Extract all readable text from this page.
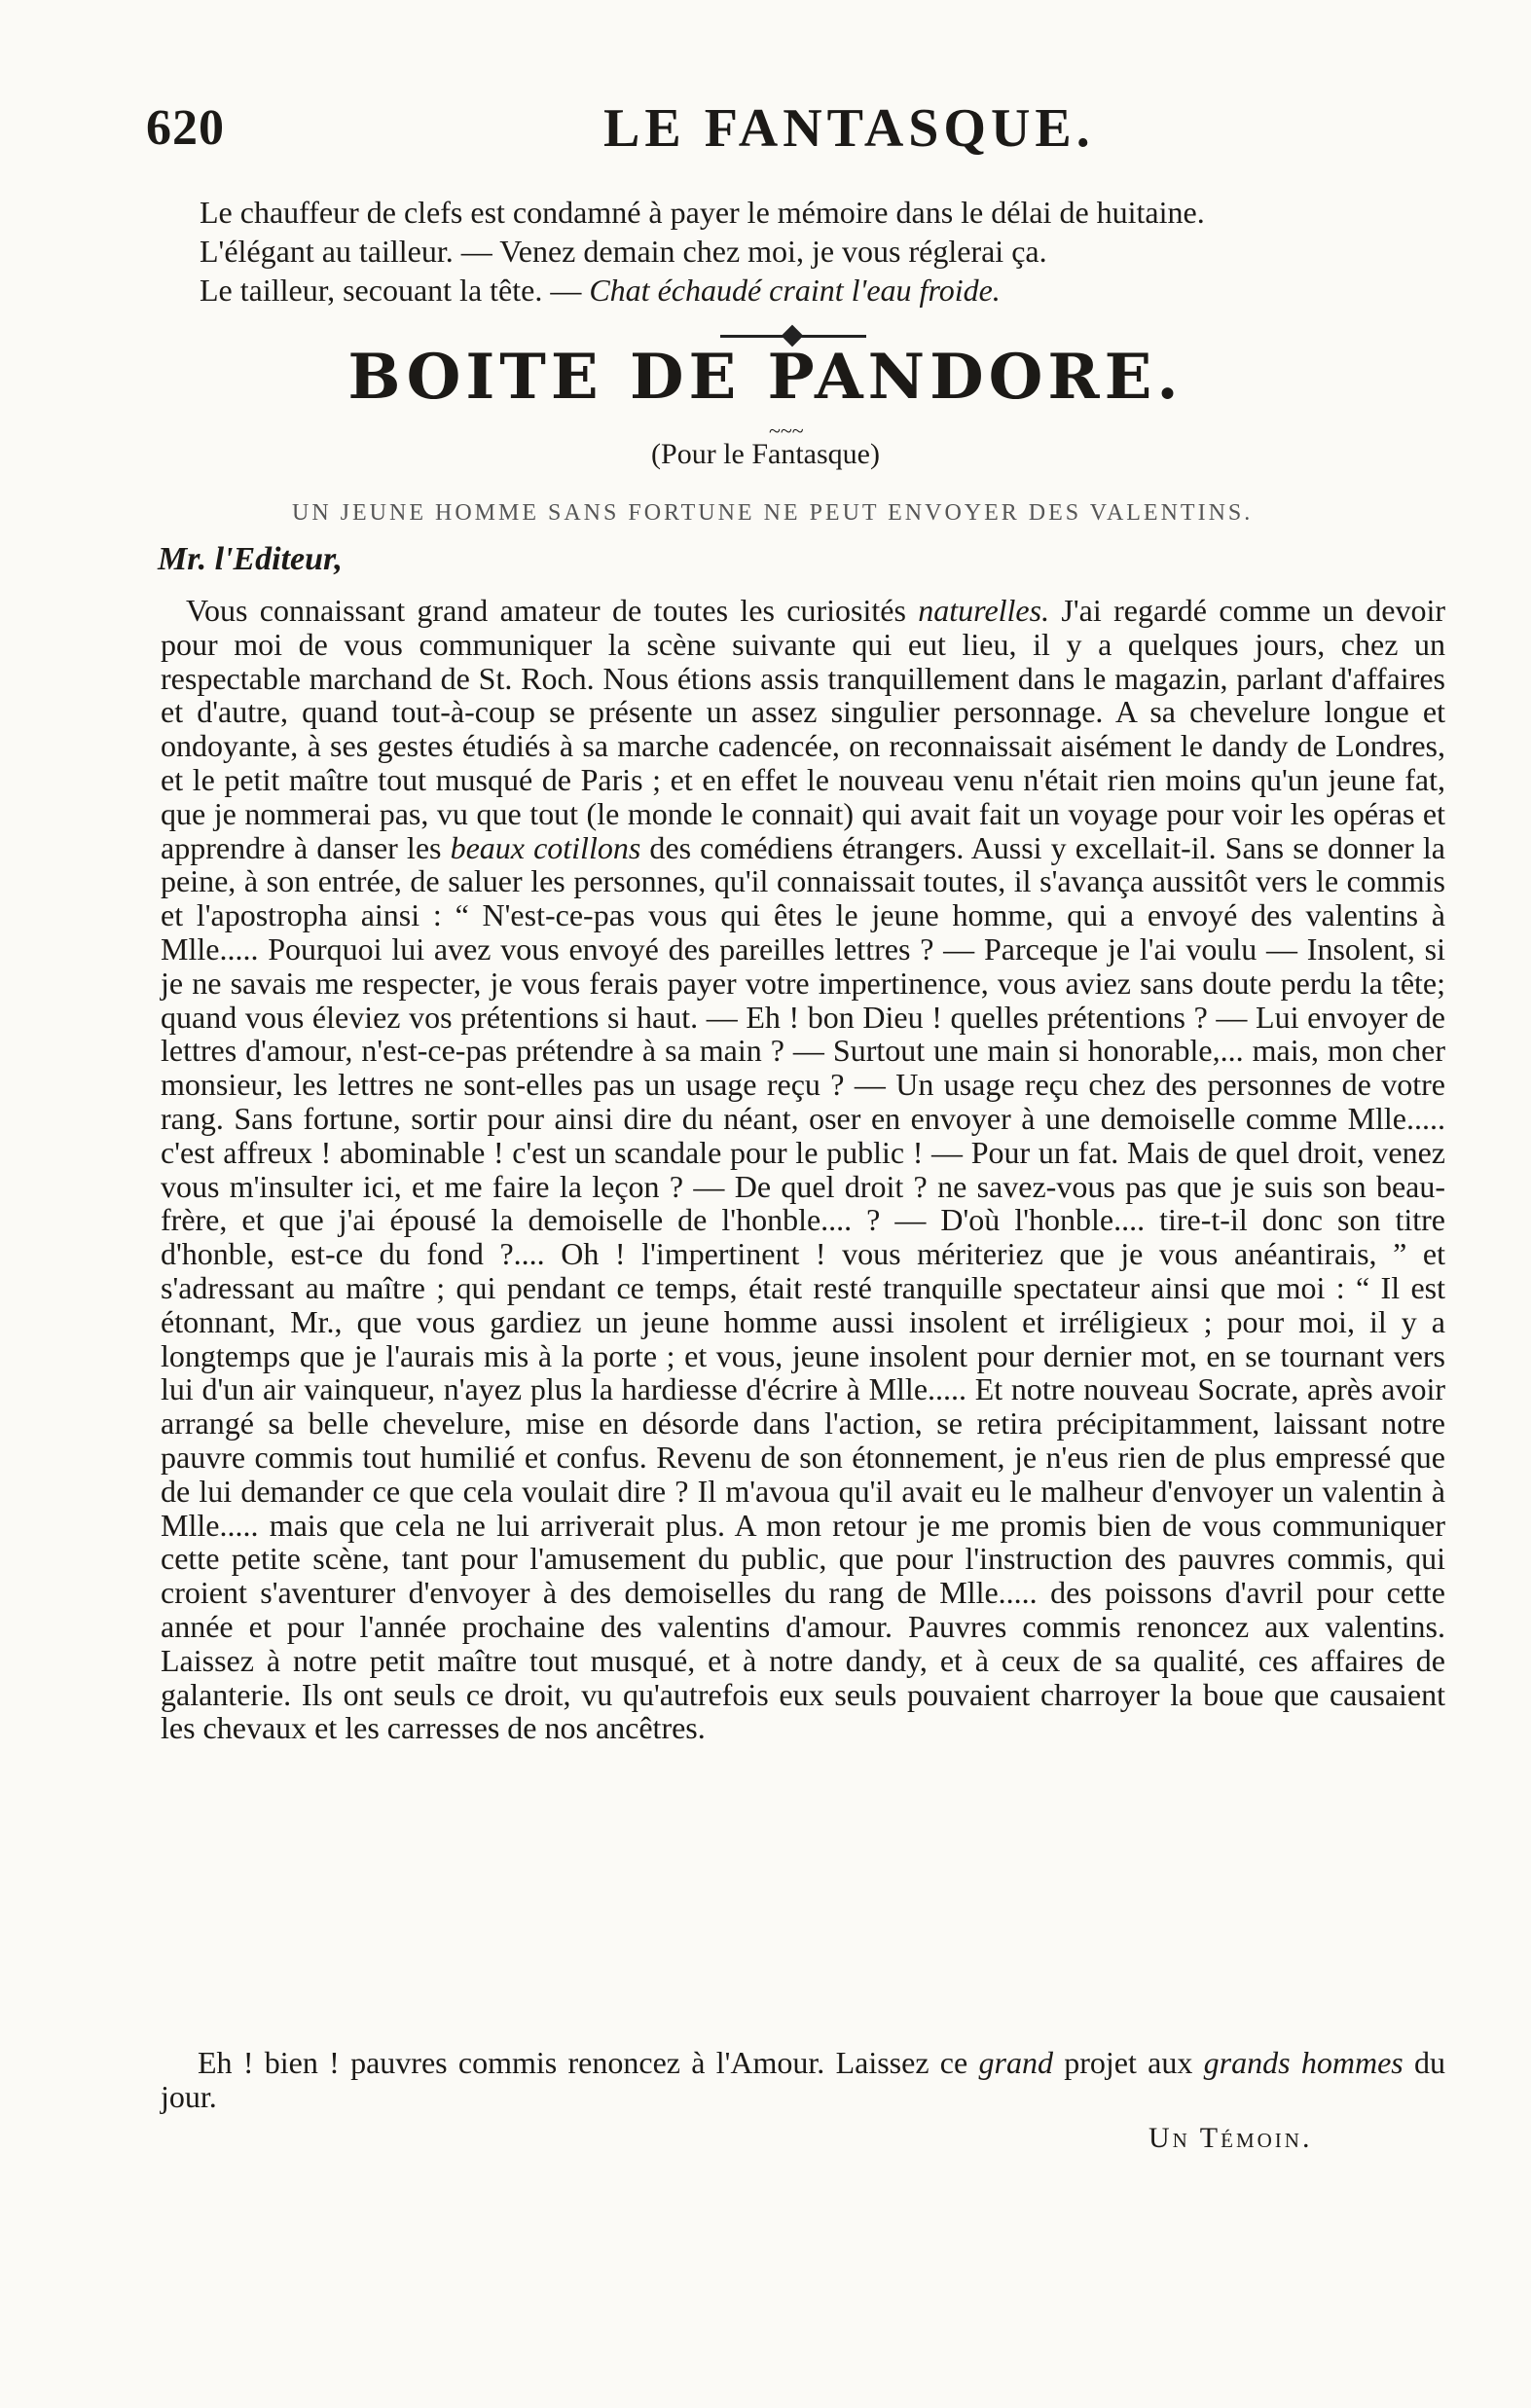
620	LE FANTASQUE.
Le chauffeur de clefs est condamné à payer le mémoire dans le délai de huitaine.
L'élégant au tailleur. — Venez demain chez moi, je vous réglerai ça.
Le tailleur, secouant la tête. — Chat échaudé craint l'eau froide.
BOITE DE PANDORE.
~~~
(Pour le Fantasque)
UN JEUNE HOMME SANS FORTUNE NE PEUT ENVOYER DES VALENTINS.
Mr. l'Editeur,
Vous connaissant grand amateur de toutes les curiosités naturelles. J'ai regardé comme un devoir pour moi de vous communiquer la scène suivante qui eut lieu, il y a quelques jours, chez un respectable marchand de St. Roch. Nous étions assis tranquillement dans le magazin, parlant d'affaires et d'autre, quand tout-à-coup se présente un assez singulier personnage. A sa chevelure longue et ondoyante, à ses gestes étudiés à sa marche cadencée, on reconnaissait aisément le dandy de Londres, et le petit maître tout musqué de Paris ; et en effet le nouveau venu n'était rien moins qu'un jeune fat, que je nommerai pas, vu que tout (le monde le connait) qui avait fait un voyage pour voir les opéras et apprendre à danser les beaux cotillons des comédiens étrangers. Aussi y excellait-il. Sans se donner la peine, à son entrée, de saluer les personnes, qu'il connaissait toutes, il s'avança aussitôt vers le commis et l'apostropha ainsi : “ N'est-ce-pas vous qui êtes le jeune homme, qui a envoyé des valentins à Mlle..... Pourquoi lui avez vous envoyé des pareilles lettres ? — Parceque je l'ai voulu — Insolent, si je ne savais me respecter, je vous ferais payer votre impertinence, vous aviez sans doute perdu la tête; quand vous éleviez vos prétentions si haut. — Eh ! bon Dieu ! quelles prétentions ? — Lui envoyer de lettres d'amour, n'est-ce-pas prétendre à sa main ? — Surtout une main si honorable,... mais, mon cher monsieur, les lettres ne sont-elles pas un usage reçu ? — Un usage reçu chez des personnes de votre rang. Sans fortune, sortir pour ainsi dire du néant, oser en envoyer à une demoiselle comme Mlle..... c'est affreux ! abominable ! c'est un scandale pour le public ! — Pour un fat. Mais de quel droit, venez vous m'insulter ici, et me faire la leçon ? — De quel droit ? ne savez-vous pas que je suis son beau-frère, et que j'ai épousé la demoiselle de l'honble.... ? — D'où l'honble.... tire-t-il donc son titre d'honble, est-ce du fond ?.... Oh ! l'impertinent ! vous mériteriez que je vous anéantirais, ” et s'adressant au maître ; qui pendant ce temps, était resté tranquille spectateur ainsi que moi : “ Il est étonnant, Mr., que vous gardiez un jeune homme aussi insolent et irréligieux ; pour moi, il y a longtemps que je l'aurais mis à la porte ; et vous, jeune insolent pour dernier mot, en se tournant vers lui d'un air vainqueur, n'ayez plus la hardiesse d'écrire à Mlle..... Et notre nouveau Socrate, après avoir arrangé sa belle chevelure, mise en désorde dans l'action, se retira précipitamment, laissant notre pauvre commis tout humilié et confus. Revenu de son étonnement, je n'eus rien de plus empressé que de lui demander ce que cela voulait dire ? Il m'avoua qu'il avait eu le malheur d'envoyer un valentin à Mlle..... mais que cela ne lui arriverait plus. A mon retour je me promis bien de vous communiquer cette petite scène, tant pour l'amusement du public, que pour l'instruction des pauvres commis, qui croient s'aventurer d'envoyer à des demoiselles du rang de Mlle..... des poissons d'avril pour cette année et pour l'année prochaine des valentins d'amour. Pauvres commis renoncez aux valentins. Laissez à notre petit maître tout musqué, et à notre dandy, et à ceux de sa qualité, ces affaires de galanterie. Ils ont seuls ce droit, vu qu'autrefois eux seuls pouvaient charroyer la boue que causaient les chevaux et les carresses de nos ancêtres.
Eh ! bien ! pauvres commis renoncez à l'Amour. Laissez ce grand projet aux grands hommes du jour.
Un Témoin.
